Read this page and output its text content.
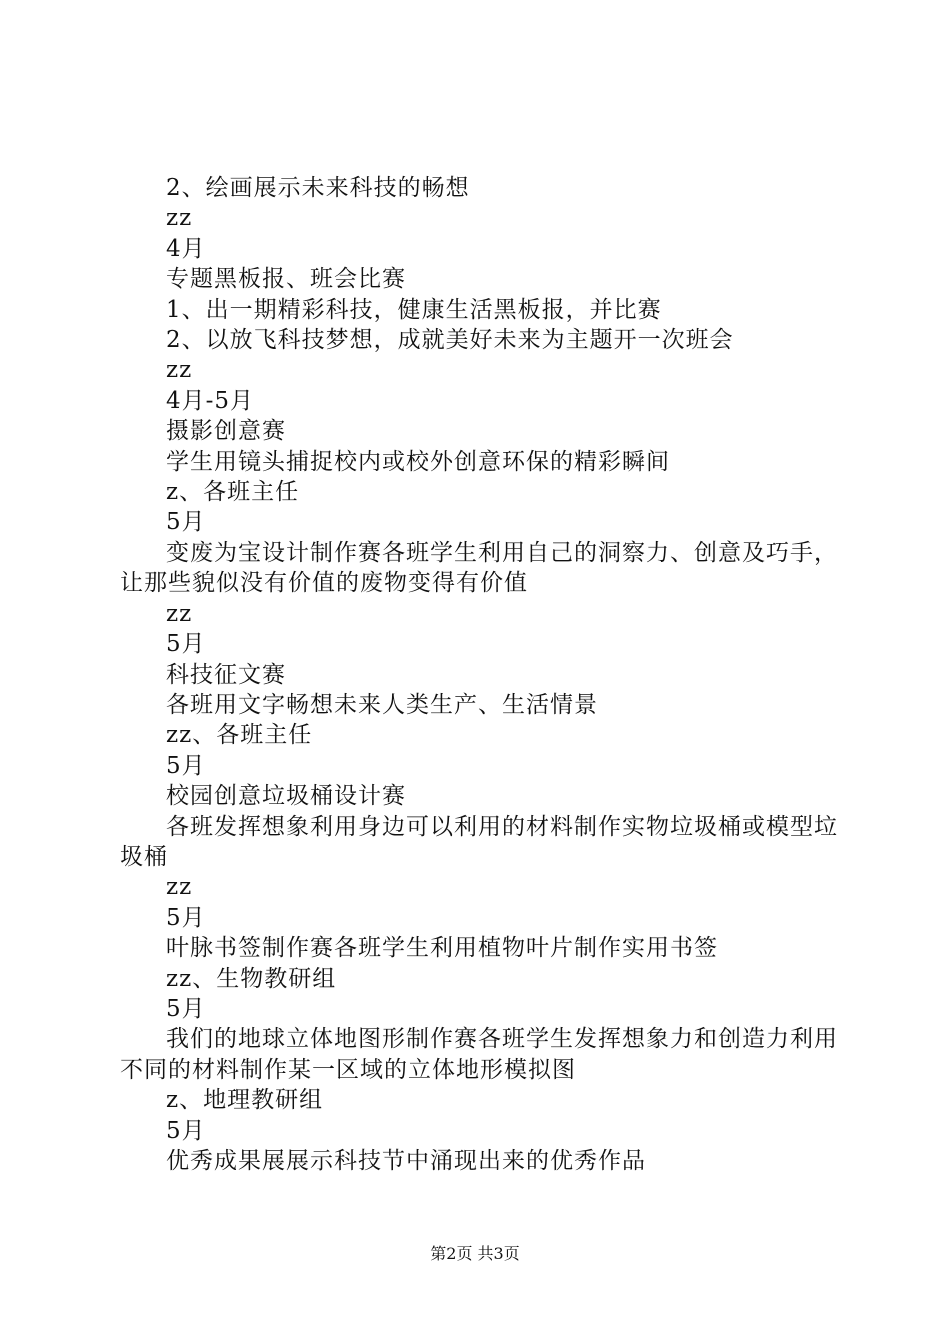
2、绘画展示未来科技的畅想

zz

4月

专题黑板报、班会比赛

1、出一期精彩科技，健康生活黑板报，并比赛

2、以放飞科技梦想，成就美好未来为主题开一次班会

zz

4月-5月

摄影创意赛

学生用镜头捕捉校内或校外创意环保的精彩瞬间

z、各班主任

5月

变废为宝设计制作赛各班学生利用自己的洞察力、创意及巧手，让那些貌似没有价值的废物变得有价值

zz

5月

科技征文赛

各班用文字畅想未来人类生产、生活情景

zz、各班主任

5月

校园创意垃圾桶设计赛

各班发挥想象利用身边可以利用的材料制作实物垃圾桶或模型垃圾桶

zz

5月

叶脉书签制作赛各班学生利用植物叶片制作实用书签

zz、生物教研组

5月

我们的地球立体地图形制作赛各班学生发挥想象力和创造力利用不同的材料制作某一区域的立体地形模拟图

z、地理教研组

5月

优秀成果展展示科技节中涌现出来的优秀作品

第2页 共3页
